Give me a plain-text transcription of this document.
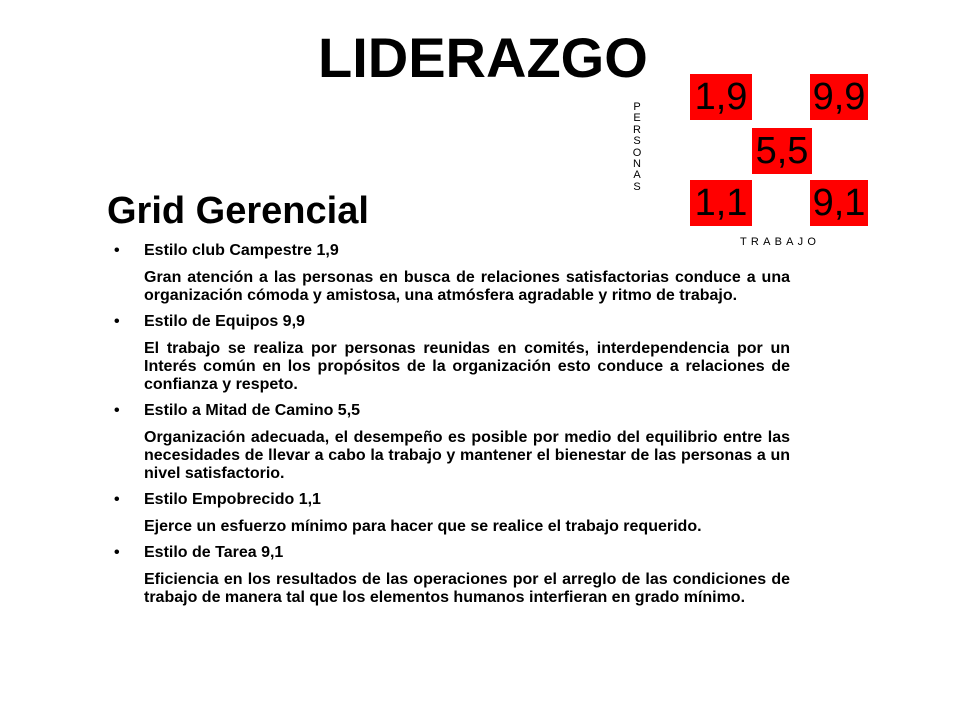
LIDERAZGO
PERSONAS
1,9 9,9
5,5
1,1 9,1
TRABAJO
Grid Gerencial
• Estilo club Campestre 1,9
Gran atención a las personas en busca de relaciones satisfactorias conduce a una organización cómoda y amistosa, una atmósfera agradable y ritmo de trabajo.
• Estilo de Equipos 9,9
El trabajo se realiza por personas reunidas en comités, interdependencia por un Interés común en los propósitos de la organización esto conduce a relaciones de confianza y respeto.
• Estilo a Mitad de Camino 5,5
Organización adecuada, el desempeño es posible por medio del equilibrio entre las necesidades de llevar a cabo la trabajo y mantener el bienestar de las personas a un nivel satisfactorio.
• Estilo Empobrecido 1,1
Ejerce un esfuerzo mínimo para hacer que se realice el trabajo requerido.
• Estilo de Tarea 9,1
Eficiencia en los resultados de las operaciones por el arreglo de las condiciones de trabajo de manera tal que los elementos humanos interfieran en grado mínimo.
